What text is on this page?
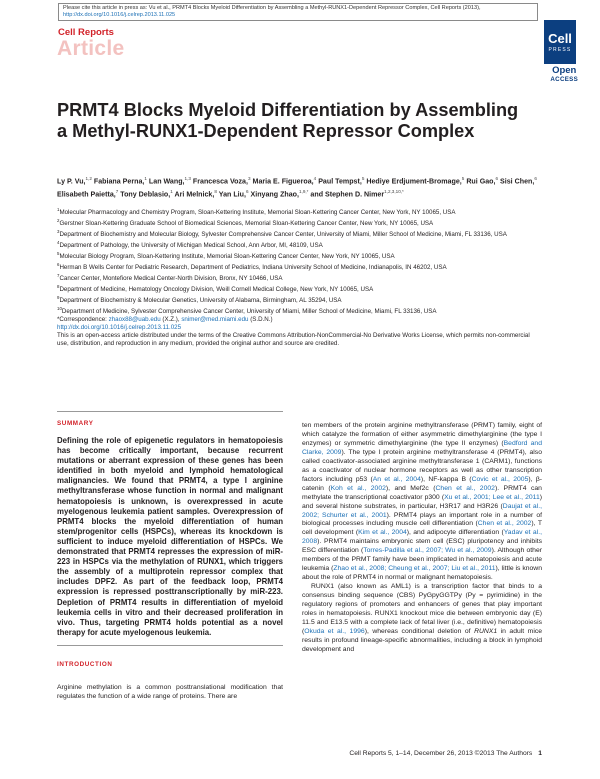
Please cite this article in press as: Vu et al., PRMT4 Blocks Myeloid Differentiation by Assembling a Methyl-RUNX1-Dependent Repressor Complex, Cell Reports (2013), http://dx.doi.org/10.1016/j.celrep.2013.11.025
Cell Reports
Article	Cell
PRESS
Open
ACCESS
PRMT4 Blocks Myeloid Differentiation by Assembling a Methyl-RUNX1-Dependent Repressor Complex
Ly P. Vu,$^{1,2}$ Fabiana Perna,$^1$ Lan Wang,$^{1,3}$ Francesca Voza,$^3$ Maria E. Figueroa,$^4$ Paul Tempst,$^5$ Hediye Erdjument-Bromage,$^5$ Rui Gao,$^6$ Sisi Chen,$^6$ Elisabeth Paietta,$^7$ Tony Deblasio,$^1$ Ari Melnick,$^8$ Yan Liu,$^6$ Xinyang Zhao,$^{1,9,*}$ and Stephen D. Nimer$^{1,2,3,10,*}$
$^1$Molecular Pharmacology and Chemistry Program, Sloan-Kettering Institute, Memorial Sloan-Kettering Cancer Center, New York, NY 10065, USA
$^2$Gerstner Sloan-Kettering Graduate School of Biomedical Sciences, Memorial Sloan-Kettering Cancer Center, New York, NY 10065, USA
$^3$Department of Biochemistry and Molecular Biology, Sylvester Comprehensive Cancer Center, University of Miami, Miller School of Medicine, Miami, FL 33136, USA
$^4$Department of Pathology, the University of Michigan Medical School, Ann Arbor, MI, 48109, USA
$^5$Molecular Biology Program, Sloan-Kettering Institute, Memorial Sloan-Kettering Cancer Center, New York, NY 10065, USA
$^6$Herman B Wells Center for Pediatric Research, Department of Pediatrics, Indiana University School of Medicine, Indianapolis, IN 46202, USA
$^7$Cancer Center, Montefiore Medical Center-North Division, Bronx, NY 10466, USA
$^8$Department of Medicine, Hematology Oncology Division, Weill Cornell Medical College, New York, NY 10065, USA
$^9$Department of Biochemistry & Molecular Genetics, University of Alabama, Birmingham, AL 35294, USA
$^{10}$Department of Medicine, Sylvester Comprehensive Cancer Center, University of Miami, Miller School of Medicine, Miami, FL 33136, USA
*Correspondence: zhaox88@uab.edu (X.Z.), snimer@med.miami.edu (S.D.N.)
http://dx.doi.org/10.1016/j.celrep.2013.11.025
This is an open-access article distributed under the terms of the Creative Commons Attribution-NonCommercial-No Derivative Works License, which permits non-commercial use, distribution, and reproduction in any medium, provided the original author and source are credited.
SUMMARY
Defining the role of epigenetic regulators in hematopoiesis has become critically important, because recurrent mutations or aberrant expression of these genes has been identified in both myeloid and lymphoid hematological malignancies. We found that PRMT4, a type I arginine methyltransferase whose function in normal and malignant hematopoiesis is unknown, is overexpressed in acute myelogenous leukemia patient samples. Overexpression of PRMT4 blocks the myeloid differentiation of human stem/progenitor cells (HSPCs), whereas its knockdown is sufficient to induce myeloid differentiation of HSPCs. We demonstrated that PRMT4 represses the expression of miR-223 in HSPCs via the methylation of RUNX1, which triggers the assembly of a multiprotein repressor complex that includes DPF2. As part of the feedback loop, PRMT4 expression is repressed posttranscriptionally by miR-223. Depletion of PRMT4 results in differentiation of myeloid leukemia cells in vitro and their decreased proliferation in vivo. Thus, targeting PRMT4 holds potential as a novel therapy for acute myelogenous leukemia.
INTRODUCTION
Arginine methylation is a common posttranslational modification that regulates the function of a wide range of proteins. There are

ten members of the protein arginine methyltransferase (PRMT) family, eight of which catalyze the formation of either asymmetric dimethylarginine (the type I enzymes) or symmetric dimethylarginine (the type II enzymes) (Bedford and Clarke, 2009). The type I protein arginine methyltransferase 4 (PRMT4), also called coactivator-associated arginine methyltransferase 1 (CARM1), functions as a coactivator of nuclear hormone receptors as well as other transcription factors including p53 (An et al., 2004), NF-kappa B (Covic et al., 2005), β-catenin (Koh et al., 2002), and Mef2c (Chen et al., 2002). PRMT4 can methylate the transcriptional coactivator p300 (Xu et al., 2001; Lee et al., 2011) and several histone substrates, in particular, H3R17 and H3R26 (Daujat et al., 2002; Schurter et al., 2001). PRMT4 plays an important role in a number of biological processes including muscle cell differentiation (Chen et al., 2002), T cell development (Kim et al., 2004), and adipocyte differentiation (Yadav et al., 2008). PRMT4 maintains embryonic stem cell (ESC) pluripotency and inhibits ESC differentiation (Torres-Padilla et al., 2007; Wu et al., 2009). Although other members of the PRMT family have been implicated in hematopoiesis and acute leukemia (Zhao et al., 2008; Cheung et al., 2007; Liu et al., 2011), little is known about the role of PRMT4 in normal or malignant hematopoiesis.

RUNX1 (also known as AML1) is a transcription factor that binds to a consensus binding sequence (CBS) PyGpyGGTPy (Py = pyrimidine) in the regulatory regions of promoters and enhancers of genes that play important roles in hematopoiesis. RUNX1 knockout mice die between embryonic day (E) 11.5 and E13.5 with a complete lack of fetal liver (i.e., definitive) hematopoiesis (Okuda et al., 1996), whereas conditional deletion of RUNX1 in adult mice results in profound lineage-specific abnormalities, including a block in lymphoid development and

Cell Reports 5, 1–14, December 26, 2013 ©2013 The Authors 1
